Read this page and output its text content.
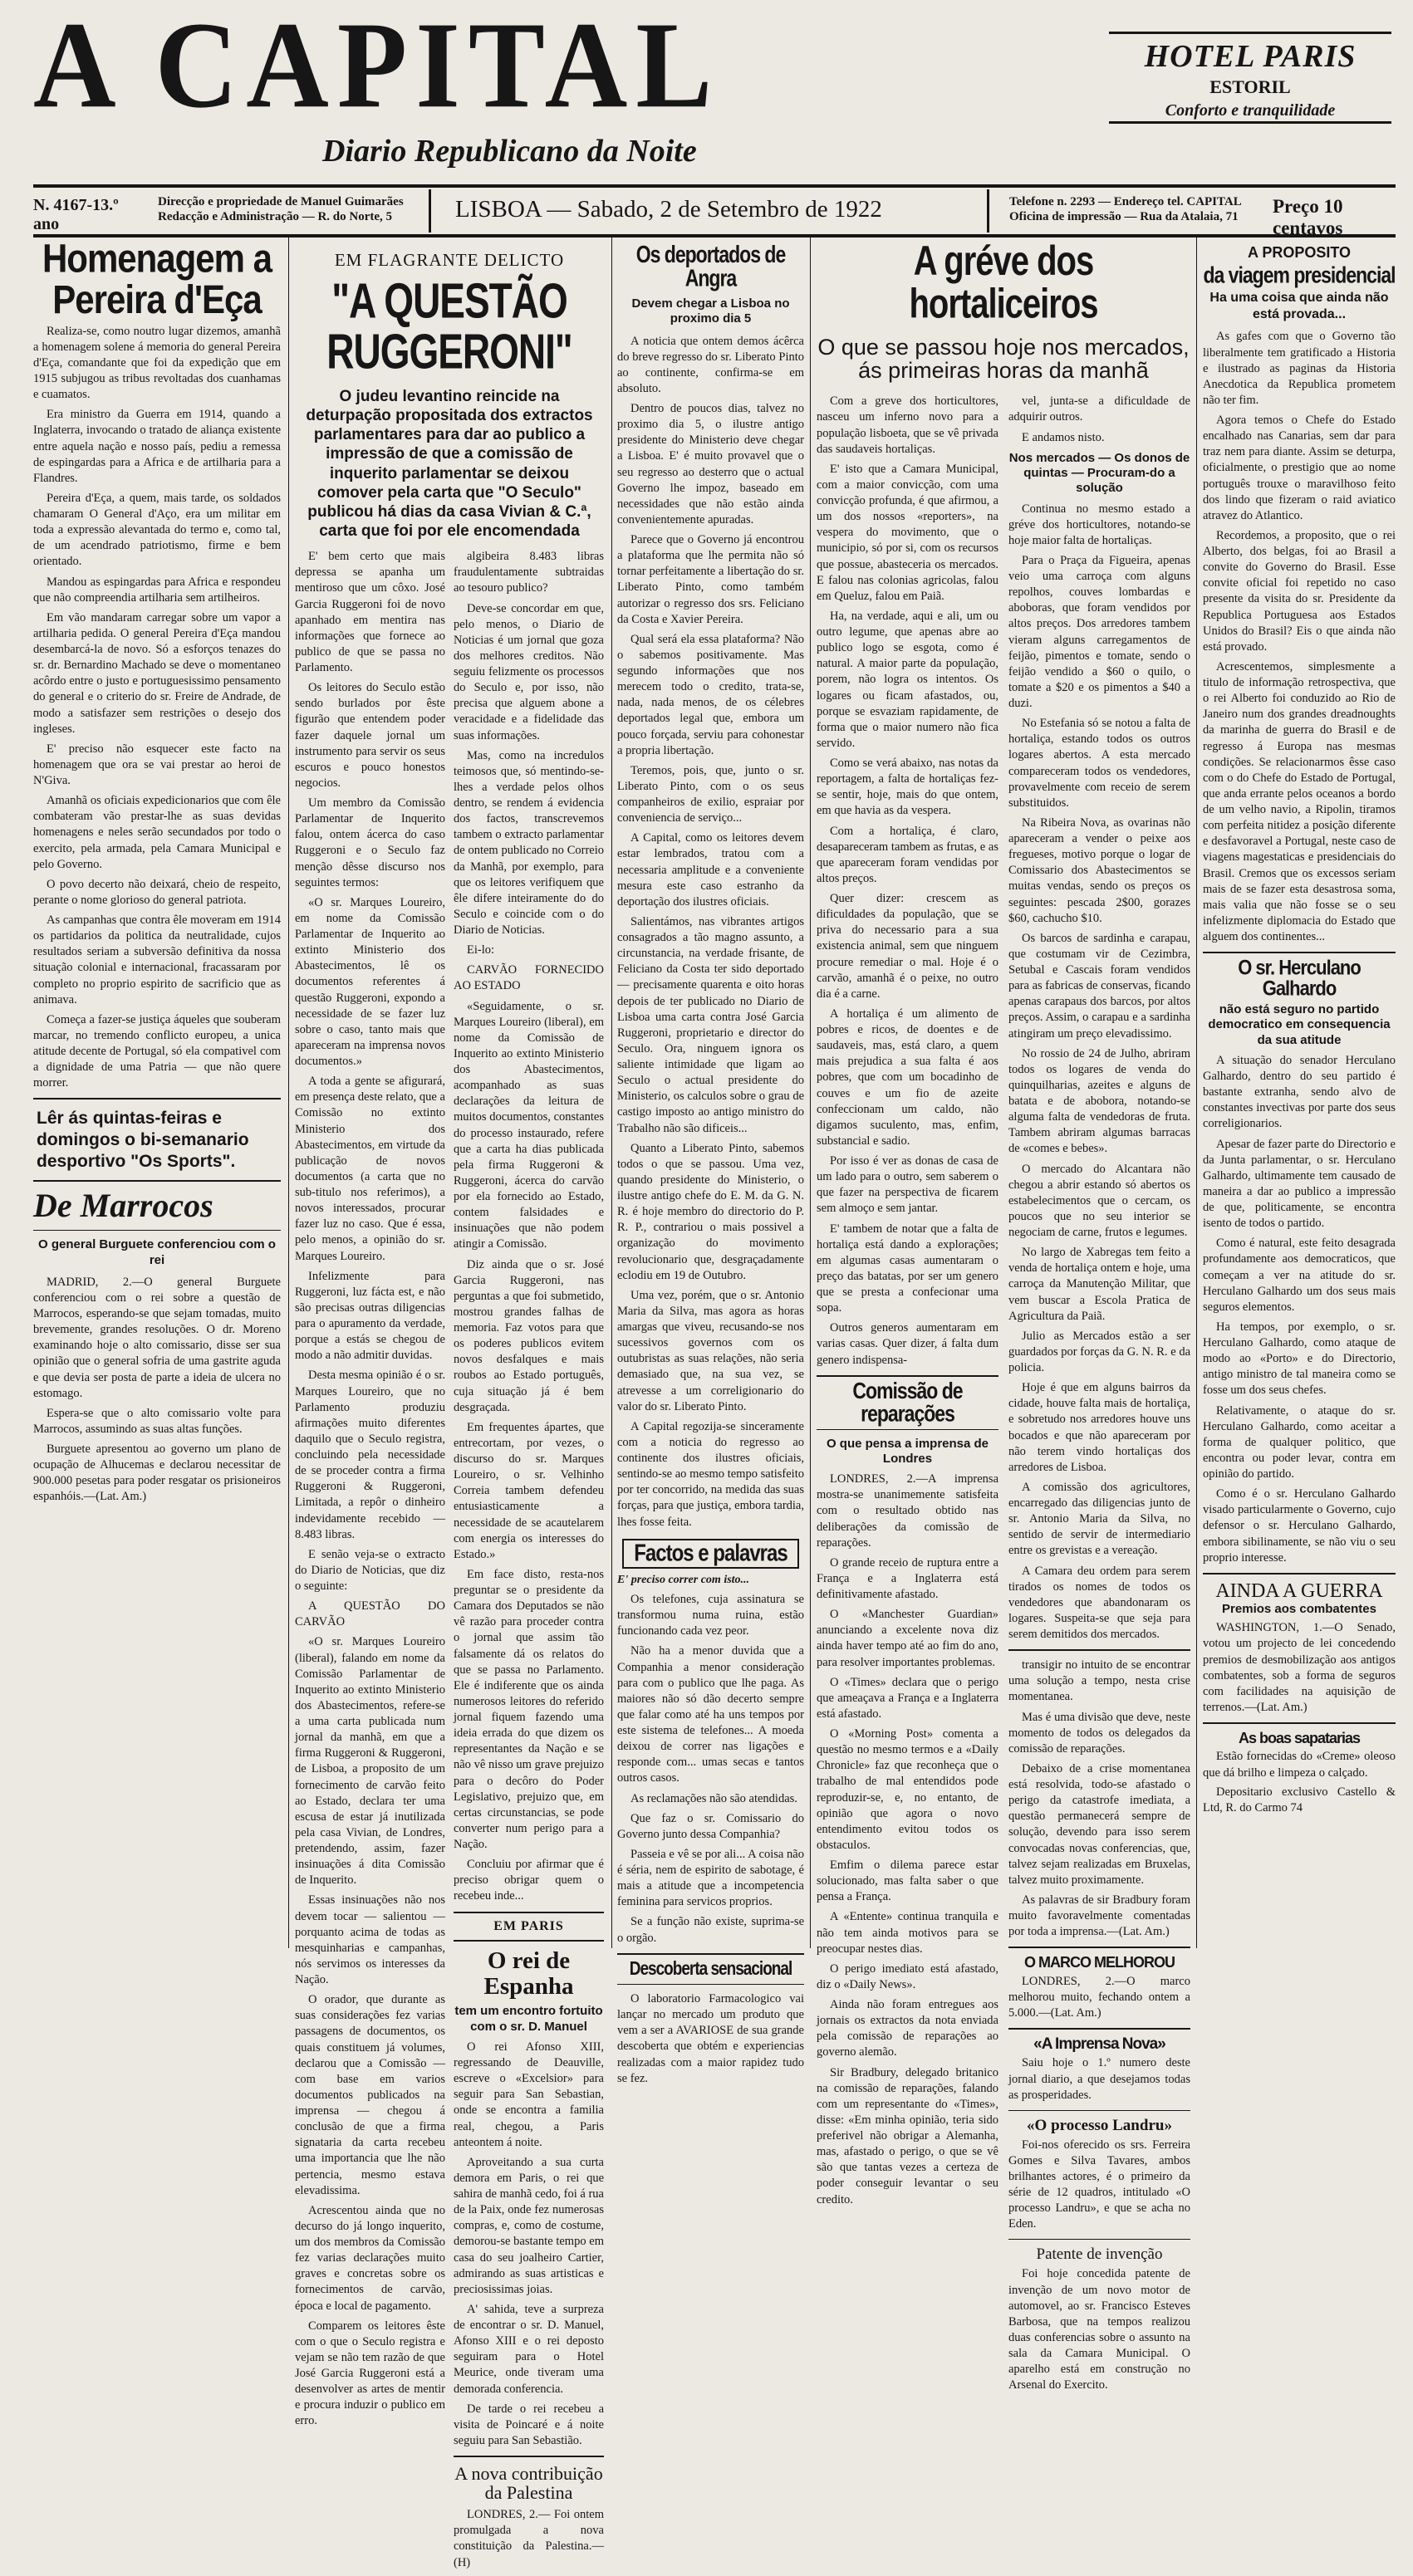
A CAPITAL
Diario Republicano da Noite
HOTEL PARIS
ESTORIL
Conforto e tranquilidade
N. 4167-13.º ano
Direcção e propriedade de Manuel Guimarães
Redacção e Administração — R. do Norte, 5	LISBOA — Sabado, 2 de Setembro de 1922	Telefone n. 2293 — Endereço tel. CAPITAL
Oficina de impressão — Rua da Atalaia, 71	Preço 10 centavos
Homenagem a Pereira d'Eça

Realiza-se, como noutro lugar dizemos, amanhã a homenagem solene á memoria do general Pereira d'Eça, comandante que foi da expedição que em 1915 subjugou as tribus revoltadas dos cuanhamas e cuamatos.

Era ministro da Guerra em 1914, quando a Inglaterra, invocando o tratado de aliança existente entre aquela nação e nosso país, pediu a remessa de espingardas para a Africa e de artilharia para a Flandres.

Pereira d'Eça, a quem, mais tarde, os soldados chamaram O General d'Aço, era um militar em toda a expressão alevantada do termo e, como tal, de um acendrado patriotismo, firme e bem orientado.

Mandou as espingardas para Africa e respondeu que não compreendia artilharia sem artilheiros.

Em vão mandaram carregar sobre um vapor a artilharia pedida. O general Pereira d'Eça mandou desembarcá-la de novo. Só a esforços tenazes do sr. dr. Bernardino Machado se deve o momentaneo acôrdo entre o justo e portuguesissimo pensamento do general e o criterio do sr. Freire de Andrade, de modo a satisfazer sem restrições o desejo dos ingleses.

E' preciso não esquecer este facto na homenagem que ora se vai prestar ao heroi de N'Giva.

Amanhã os oficiais expedicionarios que com êle combateram vão prestar-lhe as suas devidas homenagens e neles serão secundados por todo o exercito, pela armada, pela Camara Municipal e pelo Governo.

O povo decerto não deixará, cheio de respeito, perante o nome glorioso do general patriota.

As campanhas que contra êle moveram em 1914 os partidarios da politica da neutralidade, cujos resultados seriam a subversão definitiva da nossa situação colonial e internacional, fracassaram por completo no proprio espirito de sacrificio que as animava.

Começa a fazer-se justiça áqueles que souberam marcar, no tremendo conflicto europeu, a unica atitude decente de Portugal, só ela compativel com a dignidade de uma Patria — que não quere morrer.

Lêr ás quintas-feiras e domingos o bi-semanario desportivo "Os Sports".
De Marrocos
O general Burguete conferenciou com o rei

MADRID, 2.—O general Burguete conferenciou com o rei sobre a questão de Marrocos, esperando-se que sejam tomadas, muito brevemente, grandes resoluções. O dr. Moreno examinando hoje o alto comissario, disse ser sua opinião que o general sofria de uma gastrite aguda e que devia ser posta de parte a ideia de ulcera no estomago.

Espera-se que o alto comissario volte para Marrocos, assumindo as suas altas funções.

Burguete apresentou ao governo um plano de ocupação de Alhucemas e declarou necessitar de 900.000 pesetas para poder resgatar os prisioneiros espanhóis.—(Lat. Am.)

EM FLAGRANTE DELICTO
"A QUESTÃO RUGGERONI"
O judeu levantino reincide na deturpação propositada dos extractos parlamentares para dar ao publico a impressão de que a comissão de inquerito parlamentar se deixou comover pela carta que "O Seculo" publicou há dias da casa Vivian & C.ª, carta que foi por ele encomendada

E' bem certo que mais depressa se apanha um mentiroso que um côxo. José Garcia Ruggeroni foi de novo apanhado em mentira nas informações que fornece ao publico de que se passa no Parlamento.

Os leitores do Seculo estão sendo burlados por êste figurão que entendem poder fazer daquele jornal um instrumento para servir os seus escuros e pouco honestos negocios.

Um membro da Comissão Parlamentar de Inquerito falou, ontem ácerca do caso Ruggeroni e o Seculo faz menção dêsse discurso nos seguintes termos:

«O sr. Marques Loureiro, em nome da Comissão Parlamentar de Inquerito ao extinto Ministerio dos Abastecimentos, lê os documentos referentes á questão Ruggeroni, expondo a necessidade de se fazer luz sobre o caso, tanto mais que apareceram na imprensa novos documentos.»

A toda a gente se afigurará, em presença deste relato, que a Comissão no extinto Ministerio dos Abastecimentos, em virtude da publicação de novos documentos (a carta que no sub-titulo nos referimos), a novos interessados, procurar fazer luz no caso. Que é essa, pelo menos, a opinião do sr. Marques Loureiro.

Infelizmente para Ruggeroni, luz fácta est, e não são precisas outras diligencias para o apuramento da verdade, porque a estás se chegou de modo a não admitir duvidas.

Desta mesma opinião é o sr. Marques Loureiro, que no Parlamento produziu afirmações muito diferentes daquilo que o Seculo registra, concluindo pela necessidade de se proceder contra a firma Ruggeroni & Ruggeroni, Limitada, a repôr o dinheiro indevidamente recebido — 8.483 libras.

E senão veja-se o extracto do Diario de Noticias, que diz o seguinte:

A QUESTÃO DO CARVÃO

«O sr. Marques Loureiro (liberal), falando em nome da Comissão Parlamentar de Inquerito ao extinto Ministerio dos Abastecimentos, refere-se a uma carta publicada num jornal da manhã, em que a firma Ruggeroni & Ruggeroni, de Lisboa, a proposito de um fornecimento de carvão feito ao Estado, declara ter uma escusa de estar já inutilizada pela casa Vivian, de Londres, pretendendo, assim, fazer insinuações á dita Comissão de Inquerito.

Essas insinuações não nos devem tocar — salientou — porquanto acima de todas as mesquinharias e campanhas, nós servimos os interesses da Nação.

O orador, que durante as suas considerações fez varias passagens de documentos, os quais constituem já volumes, declarou que a Comissão — com base em varios documentos publicados na imprensa — chegou á conclusão de que a firma signataria da carta recebeu uma importancia que lhe não pertencia, mesmo estava elevadissima.

Acrescentou ainda que no decurso do já longo inquerito, um dos membros da Comissão fez varias declarações muito graves e concretas sobre os fornecimentos de carvão, época e local de pagamento.

Comparem os leitores êste com o que o Seculo registra e vejam se não tem razão de que José Garcia Ruggeroni está a desenvolver as artes de mentir e procura induzir o publico em erro.

algibeira 8.483 libras fraudulentamente subtraidas ao tesouro publico?

Deve-se concordar em que, pelo menos, o Diario de Noticias é um jornal que goza dos melhores creditos. Não seguiu felizmente os processos do Seculo e, por isso, não precisa que alguem abone a veracidade e a fidelidade das suas informações.

Mas, como na incredulos teimosos que, só mentindo-se-lhes a verdade pelos olhos dentro, se rendem á evidencia dos factos, transcrevemos tambem o extracto parlamentar de ontem publicado no Correio da Manhã, por exemplo, para que os leitores verifiquem que êle difere inteiramente do do Seculo e coincide com o do Diario de Noticias.

Ei-lo:

CARVÃO FORNECIDO AO ESTADO

«Seguidamente, o sr. Marques Loureiro (liberal), em nome da Comissão de Inquerito ao extinto Ministerio dos Abastecimentos, acompanhado as suas declarações da leitura de muitos documentos, constantes do processo instaurado, refere que a carta ha dias publicada pela firma Ruggeroni & Ruggeroni, ácerca do carvão por ela fornecido ao Estado, contem falsidades e insinuações que não podem atingir a Comissão.

Diz ainda que o sr. José Garcia Ruggeroni, nas perguntas a que foi submetido, mostrou grandes falhas de memoria. Faz votos para que os poderes publicos evitem novos desfalques e mais roubos ao Estado português, cuja situação já é bem desgraçada.

Em frequentes ápartes, que entrecortam, por vezes, o discurso do sr. Marques Loureiro, o sr. Velhinho Correia tambem defendeu entusiasticamente a necessidade de se acautelarem com energia os interesses do Estado.»

Em face disto, resta-nos preguntar se o presidente da Camara dos Deputados se não vê razão para proceder contra o jornal que assim tão falsamente dá os relatos do que se passa no Parlamento. Ele é indiferente que os ainda numerosos leitores do referido jornal fiquem fazendo uma ideia errada do que dizem os representantes da Nação e se não vê nisso um grave prejuizo para o decôro do Poder Legislativo, prejuizo que, em certas circunstancias, se pode converter num perigo para a Nação.

Concluiu por afirmar que é preciso obrigar quem o recebeu inde...

EM PARIS
O rei de Espanha
tem um encontro fortuito com o sr. D. Manuel

O rei Afonso XIII, regressando de Deauville, escreve o «Excelsior» para seguir para San Sebastian, onde se encontra a familia real, chegou, a Paris anteontem á noite.

Aproveitando a sua curta demora em Paris, o rei que sahira de manhã cedo, foi á rua de la Paix, onde fez numerosas compras, e, como de costume, demorou-se bastante tempo em casa do seu joalheiro Cartier, admirando as suas artisticas e preciosissimas joias.

A' sahida, teve a surpreza de encontrar o sr. D. Manuel, Afonso XIII e o rei deposto seguiram para o Hotel Meurice, onde tiveram uma demorada conferencia.

De tarde o rei recebeu a visita de Poincaré e á noite seguiu para San Sebastião.

A nova contribuição da Palestina

LONDRES, 2.— Foi ontem promulgada a nova constituição da Palestina.—(H)

Os deportados de Angra
Devem chegar a Lisboa no proximo dia 5

A noticia que ontem demos ácêrca do breve regresso do sr. Liberato Pinto ao continente, confirma-se em absoluto.

Dentro de poucos dias, talvez no proximo dia 5, o ilustre antigo presidente do Ministerio deve chegar a Lisboa. E' é muito provavel que o seu regresso ao desterro que o actual Governo lhe impoz, baseado em necessidades que não estão ainda convenientemente apuradas.

Parece que o Governo já encontrou a plataforma que lhe permita não só tornar perfeitamente a libertação do sr. Liberato Pinto, como também autorizar o regresso dos srs. Feliciano da Costa e Xavier Pereira.

Qual será ela essa plataforma? Não o sabemos positivamente. Mas segundo informações que nos merecem todo o credito, trata-se, nada, nada menos, de os célebres deportados legal que, embora um pouco forçada, serviu para cohonestar a propria libertação.

Teremos, pois, que, junto o sr. Liberato Pinto, com o os seus companheiros de exilio, espraiar por conveniencia de serviço...

A Capital, como os leitores devem estar lembrados, tratou com a necessaria amplitude e a conveniente mesura este caso estranho da deportação dos ilustres oficiais.

Salientámos, nas vibrantes artigos consagrados a tão magno assunto, a circunstancia, na verdade frisante, de Feliciano da Costa ter sido deportado — precisamente quarenta e oito horas depois de ter publicado no Diario de Lisboa uma carta contra José Garcia Ruggeroni, proprietario e director do Seculo. Ora, ninguem ignora os saliente intimidade que ligam ao Seculo o actual presidente do Ministerio, os calculos sobre o grau de castigo imposto ao antigo ministro do Trabalho não são dificeis...

Quanto a Liberato Pinto, sabemos todos o que se passou. Uma vez, quando presidente do Ministerio, o ilustre antigo chefe do E. M. da G. N. R. é hoje membro do directorio do P. R. P., contrariou o mais possivel a organização do movimento revolucionario que, desgraçadamente eclodiu em 19 de Outubro.

Uma vez, porém, que o sr. Antonio Maria da Silva, mas agora as horas amargas que viveu, recusando-se nos sucessivos governos com os outubristas as suas relações, não seria demasiado que, na sua vez, se atrevesse a um correligionario do valor do sr. Liberato Pinto.

A Capital regozija-se sinceramente com a noticia do regresso ao continente dos ilustres oficiais, sentindo-se ao mesmo tempo satisfeito por ter concorrido, na medida das suas forças, para que justiça, embora tardia, lhes fosse feita.

Factos e palavras
E' preciso correr com isto...

Os telefones, cuja assinatura se transformou numa ruina, estão funcionando cada vez peor.

Não ha a menor duvida que a Companhia a menor consideração para com o publico que lhe paga. As maiores não só dão decerto sempre que falar como até ha uns tempos por este sistema de telefones... A moeda deixou de correr nas ligações e responde com... umas secas e tantos outros casos.

As reclamações não são atendidas.

Que faz o sr. Comissario do Governo junto dessa Companhia?

Passeia e vê se por ali... A coisa não é séria, nem de espirito de sabotage, é mais a atitude que a incompetencia feminina para servicos proprios.

Se a função não existe, suprima-se o orgão.

Descoberta sensacional

O laboratorio Farmacologico vai lançar no mercado um produto que vem a ser a AVARIOSE de sua grande descoberta que obtém e experiencias realizadas com a maior rapidez tudo se fez.

A gréve dos hortaliceiros
O que se passou hoje nos mercados, ás primeiras horas da manhã

Com a greve dos horticultores, nasceu um inferno novo para a população lisboeta, que se vê privada das saudaveis hortaliças.

E' isto que a Camara Municipal, com a maior convicção, com uma convicção profunda, é que afirmou, a um dos nossos «reporters», na vespera do movimento, que o municipio, só por si, com os recursos que possue, abasteceria os mercados. E falou nas colonias agricolas, falou em Queluz, falou em Paiã.

Ha, na verdade, aqui e ali, um ou outro legume, que apenas abre ao publico logo se esgota, como é natural. A maior parte da população, porem, não logra os intentos. Os logares ou ficam afastados, ou, porque se esvaziam rapidamente, de forma que o maior numero não fica servido.

Como se verá abaixo, nas notas da reportagem, a falta de hortaliças fez-se sentir, hoje, mais do que ontem, em que havia as da vespera.

Com a hortaliça, é claro, desapareceram tambem as frutas, e as que apareceram foram vendidas por altos preços.

Quer dizer: crescem as dificuldades da população, que se priva do necessario para a sua existencia animal, sem que ninguem procure remediar o mal. Hoje é o carvão, amanhã é o peixe, no outro dia é a carne.

A hortaliça é um alimento de pobres e ricos, de doentes e de saudaveis, mas, está claro, a quem mais prejudica a sua falta é aos pobres, que com um bocadinho de couves e um fio de azeite confeccionam um caldo, não digamos suculento, mas, enfim, substancial e sadio.

Por isso é ver as donas de casa de um lado para o outro, sem saberem o que fazer na perspectiva de ficarem sem almoço e sem jantar.

E' tambem de notar que a falta de hortaliça está dando a explorações; em algumas casas aumentaram o preço das batatas, por ser um genero que se presta a confecionar uma sopa.

Outros generos aumentaram em varias casas. Quer dizer, á falta dum genero indispensa-

Comissão de reparações
O que pensa a imprensa de Londres

LONDRES, 2.—A imprensa mostra-se unanimemente satisfeita com o resultado obtido nas deliberações da comissão de reparações.

O grande receio de ruptura entre a França e a Inglaterra está definitivamente afastado.

O «Manchester Guardian» anunciando a excelente nova diz ainda haver tempo até ao fim do ano, para resolver importantes problemas.

O «Times» declara que o perigo que ameaçava a França e a Inglaterra está afastado.

O «Morning Post» comenta a questão no mesmo termos e a «Daily Chronicle» faz que reconheça que o trabalho de mal entendidos pode reproduzir-se, e, no entanto, de opinião que agora o novo entendimento evitou todos os obstaculos.

Emfim o dilema parece estar solucionado, mas falta saber o que pensa a França.

A «Entente» continua tranquila e não tem ainda motivos para se preocupar nestes dias.

O perigo imediato está afastado, diz o «Daily News».

Ainda não foram entregues aos jornais os extractos da nota enviada pela comissão de reparações ao governo alemão.

Sir Bradbury, delegado britanico na comissão de reparações, falando com um representante do «Times», disse: «Em minha opinião, teria sido preferivel não obrigar a Alemanha, mas, afastado o perigo, o que se vê são que tantas vezes a certeza de poder conseguir levantar o seu credito.

vel, junta-se a dificuldade de adquirir outros.

E andamos nisto.

Nos mercados — Os donos de quintas — Procuram-do a solução

Continua no mesmo estado a gréve dos horticultores, notando-se hoje maior falta de hortaliças.

Para o Praça da Figueira, apenas veio uma carroça com alguns repolhos, couves lombardas e aboboras, que foram vendidos por altos preços. Dos arredores tambem vieram alguns carregamentos de feijão, pimentos e tomate, sendo o feijão vendido a $60 o quilo, o tomate a $20 e os pimentos a $40 a duzi.

No Estefania só se notou a falta de hortaliça, estando todos os outros logares abertos. A esta mercado compareceram todos os vendedores, provavelmente com receio de serem substituidos.

Na Ribeira Nova, as ovarinas não apareceram a vender o peixe aos fregueses, motivo porque o logar de Comissario dos Abastecimentos se muitas vendas, sendo os preços os seguintes: pescada 2$00, gorazes $60, cachucho $10.

Os barcos de sardinha e carapau, que costumam vir de Cezimbra, Setubal e Cascais foram vendidos para as fabricas de conservas, ficando apenas carapaus dos barcos, por altos preços. Assim, o carapau e a sardinha atingiram um preço elevadissimo.

No rossio de 24 de Julho, abriram todos os logares de venda do quinquilharias, azeites e alguns de batata e de abobora, notando-se alguma falta de vendedoras de fruta. Tambem abriram algumas barracas de «comes e bebes».

O mercado do Alcantara não chegou a abrir estando só abertos os estabelecimentos que o cercam, os poucos que no seu interior se negociam de carne, frutos e legumes.

No largo de Xabregas tem feito a venda de hortaliça ontem e hoje, uma carroça da Manutenção Militar, que vem buscar a Escola Pratica de Agricultura da Paiã.

Julio as Mercados estão a ser guardados por forças da G. N. R. e da policia.

Hoje é que em alguns bairros da cidade, houve falta mais de hortaliça, e sobretudo nos arredores houve uns bocados e que não apareceram por não terem vindo hortaliças dos arredores de Lisboa.

A comissão dos agricultores, encarregado das diligencias junto de sr. Antonio Maria da Silva, no sentido de servir de intermediario entre os grevistas e a vereação.

A Camara deu ordem para serem tirados os nomes de todos os vendedores que abandonaram os logares. Suspeita-se que seja para serem demitidos dos mercados.

transigir no intuito de se encontrar uma solução a tempo, nesta crise momentanea.

Mas é uma divisão que deve, neste momento de todos os delegados da comissão de reparações.

Debaixo de a crise momentanea está resolvida, todo-se afastado o perigo da catastrofe imediata, a questão permanecerá sempre de solução, devendo para isso serem convocadas novas conferencias, que, talvez sejam realizadas em Bruxelas, talvez muito proximamente.

As palavras de sir Bradbury foram muito favoravelmente comentadas por toda a imprensa.—(Lat. Am.)

O MARCO MELHOROU

LONDRES, 2.—O marco melhorou muito, fechando ontem a 5.000.—(Lat. Am.)

«A Imprensa Nova»

Saiu hoje o 1.º numero deste jornal diario, a que desejamos todas as prosperidades.

«O processo Landru»

Foi-nos oferecido os srs. Ferreira Gomes e Silva Tavares, ambos brilhantes actores, é o primeiro da série de 12 quadros, intitulado «O processo Landru», e que se acha no Eden.

Patente de invenção

Foi hoje concedida patente de invenção de um novo motor de automovel, ao sr. Francisco Esteves Barbosa, que na tempos realizou duas conferencias sobre o assunto na sala da Camara Municipal. O aparelho está em construção no Arsenal do Exercito.

A PROPOSITO
da viagem presidencial
Ha uma coisa que ainda não está provada...

As gafes com que o Governo tão liberalmente tem gratificado a Historia e ilustrado as paginas da Historia Anecdotica da Republica prometem não ter fim.

Agora temos o Chefe do Estado encalhado nas Canarias, sem dar para traz nem para diante. Assim se deturpa, oficialmente, o prestigio que ao nome português trouxe o maravilhoso feito dos lindo que fizeram o raid aviatico atravez do Atlantico.

Recordemos, a proposito, que o rei Alberto, dos belgas, foi ao Brasil a convite do Governo do Brasil. Esse convite oficial foi repetido no caso presente da visita do sr. Presidente da Republica Portuguesa aos Estados Unidos do Brasil? Eis o que ainda não está provado.

Acrescentemos, simplesmente a titulo de informação retrospectiva, que o rei Alberto foi conduzido ao Rio de Janeiro num dos grandes dreadnoughts da marinha de guerra do Brasil e de regresso á Europa nas mesmas condições. Se relacionarmos êsse caso com o do Chefe do Estado de Portugal, que anda errante pelos oceanos a bordo de um velho navio, a Ripolin, tiramos com perfeita nitidez a posição diferente e desfavoravel a Portugal, neste caso de viagens magestaticas e presidenciais do Brasil. Cremos que os excessos seriam mais de se fazer esta desastrosa soma, mais valia que não fosse se o seu infelizmente diplomacia do Estado que alguem dos continentes...

O sr. Herculano Galhardo
não está seguro no partido democratico em consequencia da sua atitude

A situação do senador Herculano Galhardo, dentro do seu partido é bastante extranha, sendo alvo de constantes invectivas por parte dos seus correligionarios.

Apesar de fazer parte do Directorio e da Junta parlamentar, o sr. Herculano Galhardo, ultimamente tem causado de maneira a dar ao publico a impressão de que, politicamente, se encontra isento de todos o partido.

Como é natural, este feito desagrada profundamente aos democraticos, que começam a ver na atitude do sr. Herculano Galhardo um dos seus mais seguros elementos.

Ha tempos, por exemplo, o sr. Herculano Galhardo, como ataque de modo ao «Porto» e do Directorio, antigo ministro de tal maneira como se fosse um dos seus chefes.

Relativamente, o ataque do sr. Herculano Galhardo, como aceitar a forma de qualquer politico, que encontra ou poder levar, contra em opinião do partido.

Como é o sr. Herculano Galhardo visado particularmente o Governo, cujo defensor o sr. Herculano Galhardo, embora sibilinamente, se não viu o seu proprio interesse.

AINDA A GUERRA
Premios aos combatentes

WASHINGTON, 1.—O Senado, votou um projecto de lei concedendo premios de desmobilização aos antigos combatentes, sob a forma de seguros com facilidades na aquisição de terrenos.—(Lat. Am.)

As boas sapatarias

Estão fornecidas do «Creme» oleoso que dá brilho e limpeza o calçado.

Depositario exclusivo Castello & Ltd, R. do Carmo 74
